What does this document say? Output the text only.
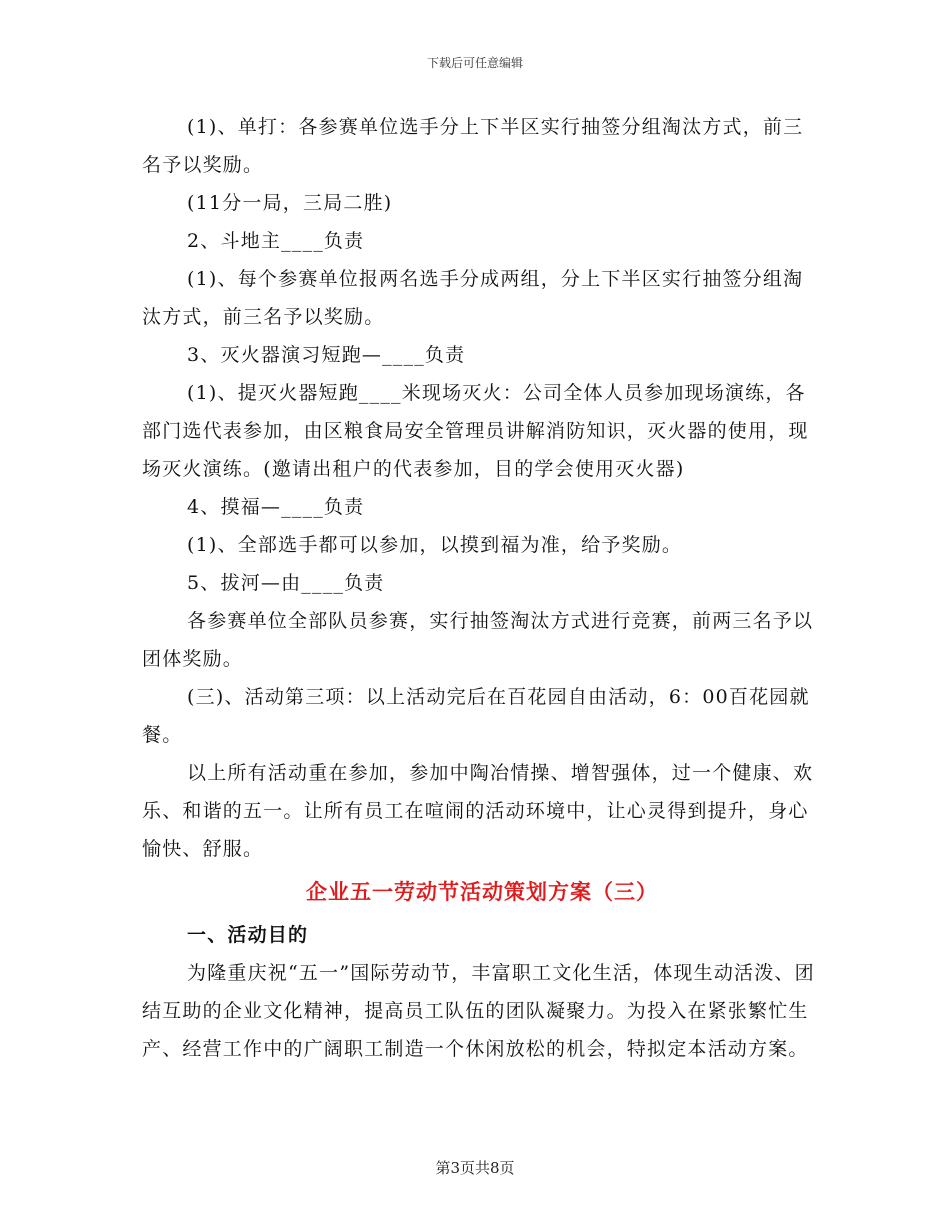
下载后可任意编辑

(1)、单打：各参赛单位选手分上下半区实行抽签分组淘汰方式，前三名予以奖励。

(11分一局，三局二胜)

2、斗地主____负责

(1)、每个参赛单位报两名选手分成两组，分上下半区实行抽签分组淘汰方式，前三名予以奖励。

3、灭火器演习短跑—____负责

(1)、提灭火器短跑____米现场灭火：公司全体人员参加现场演练，各部门选代表参加，由区粮食局安全管理员讲解消防知识，灭火器的使用，现场灭火演练。(邀请出租户的代表参加，目的学会使用灭火器)

4、摸福—____负责

(1)、全部选手都可以参加，以摸到福为准，给予奖励。

5、拔河—由____负责

各参赛单位全部队员参赛，实行抽签淘汰方式进行竞赛，前两三名予以团体奖励。

(三)、活动第三项：以上活动完后在百花园自由活动，6：00百花园就餐。

以上所有活动重在参加，参加中陶冶情操、增智强体，过一个健康、欢乐、和谐的五一。让所有员工在喧闹的活动环境中，让心灵得到提升，身心愉快、舒服。

企业五一劳动节活动策划方案（三）

一、活动目的

为隆重庆祝“五一”国际劳动节，丰富职工文化生活，体现生动活泼、团结互助的企业文化精神，提高员工队伍的团队凝聚力。为投入在紧张繁忙生产、经营工作中的广阔职工制造一个休闲放松的机会，特拟定本活动方案。

第3页共8页
